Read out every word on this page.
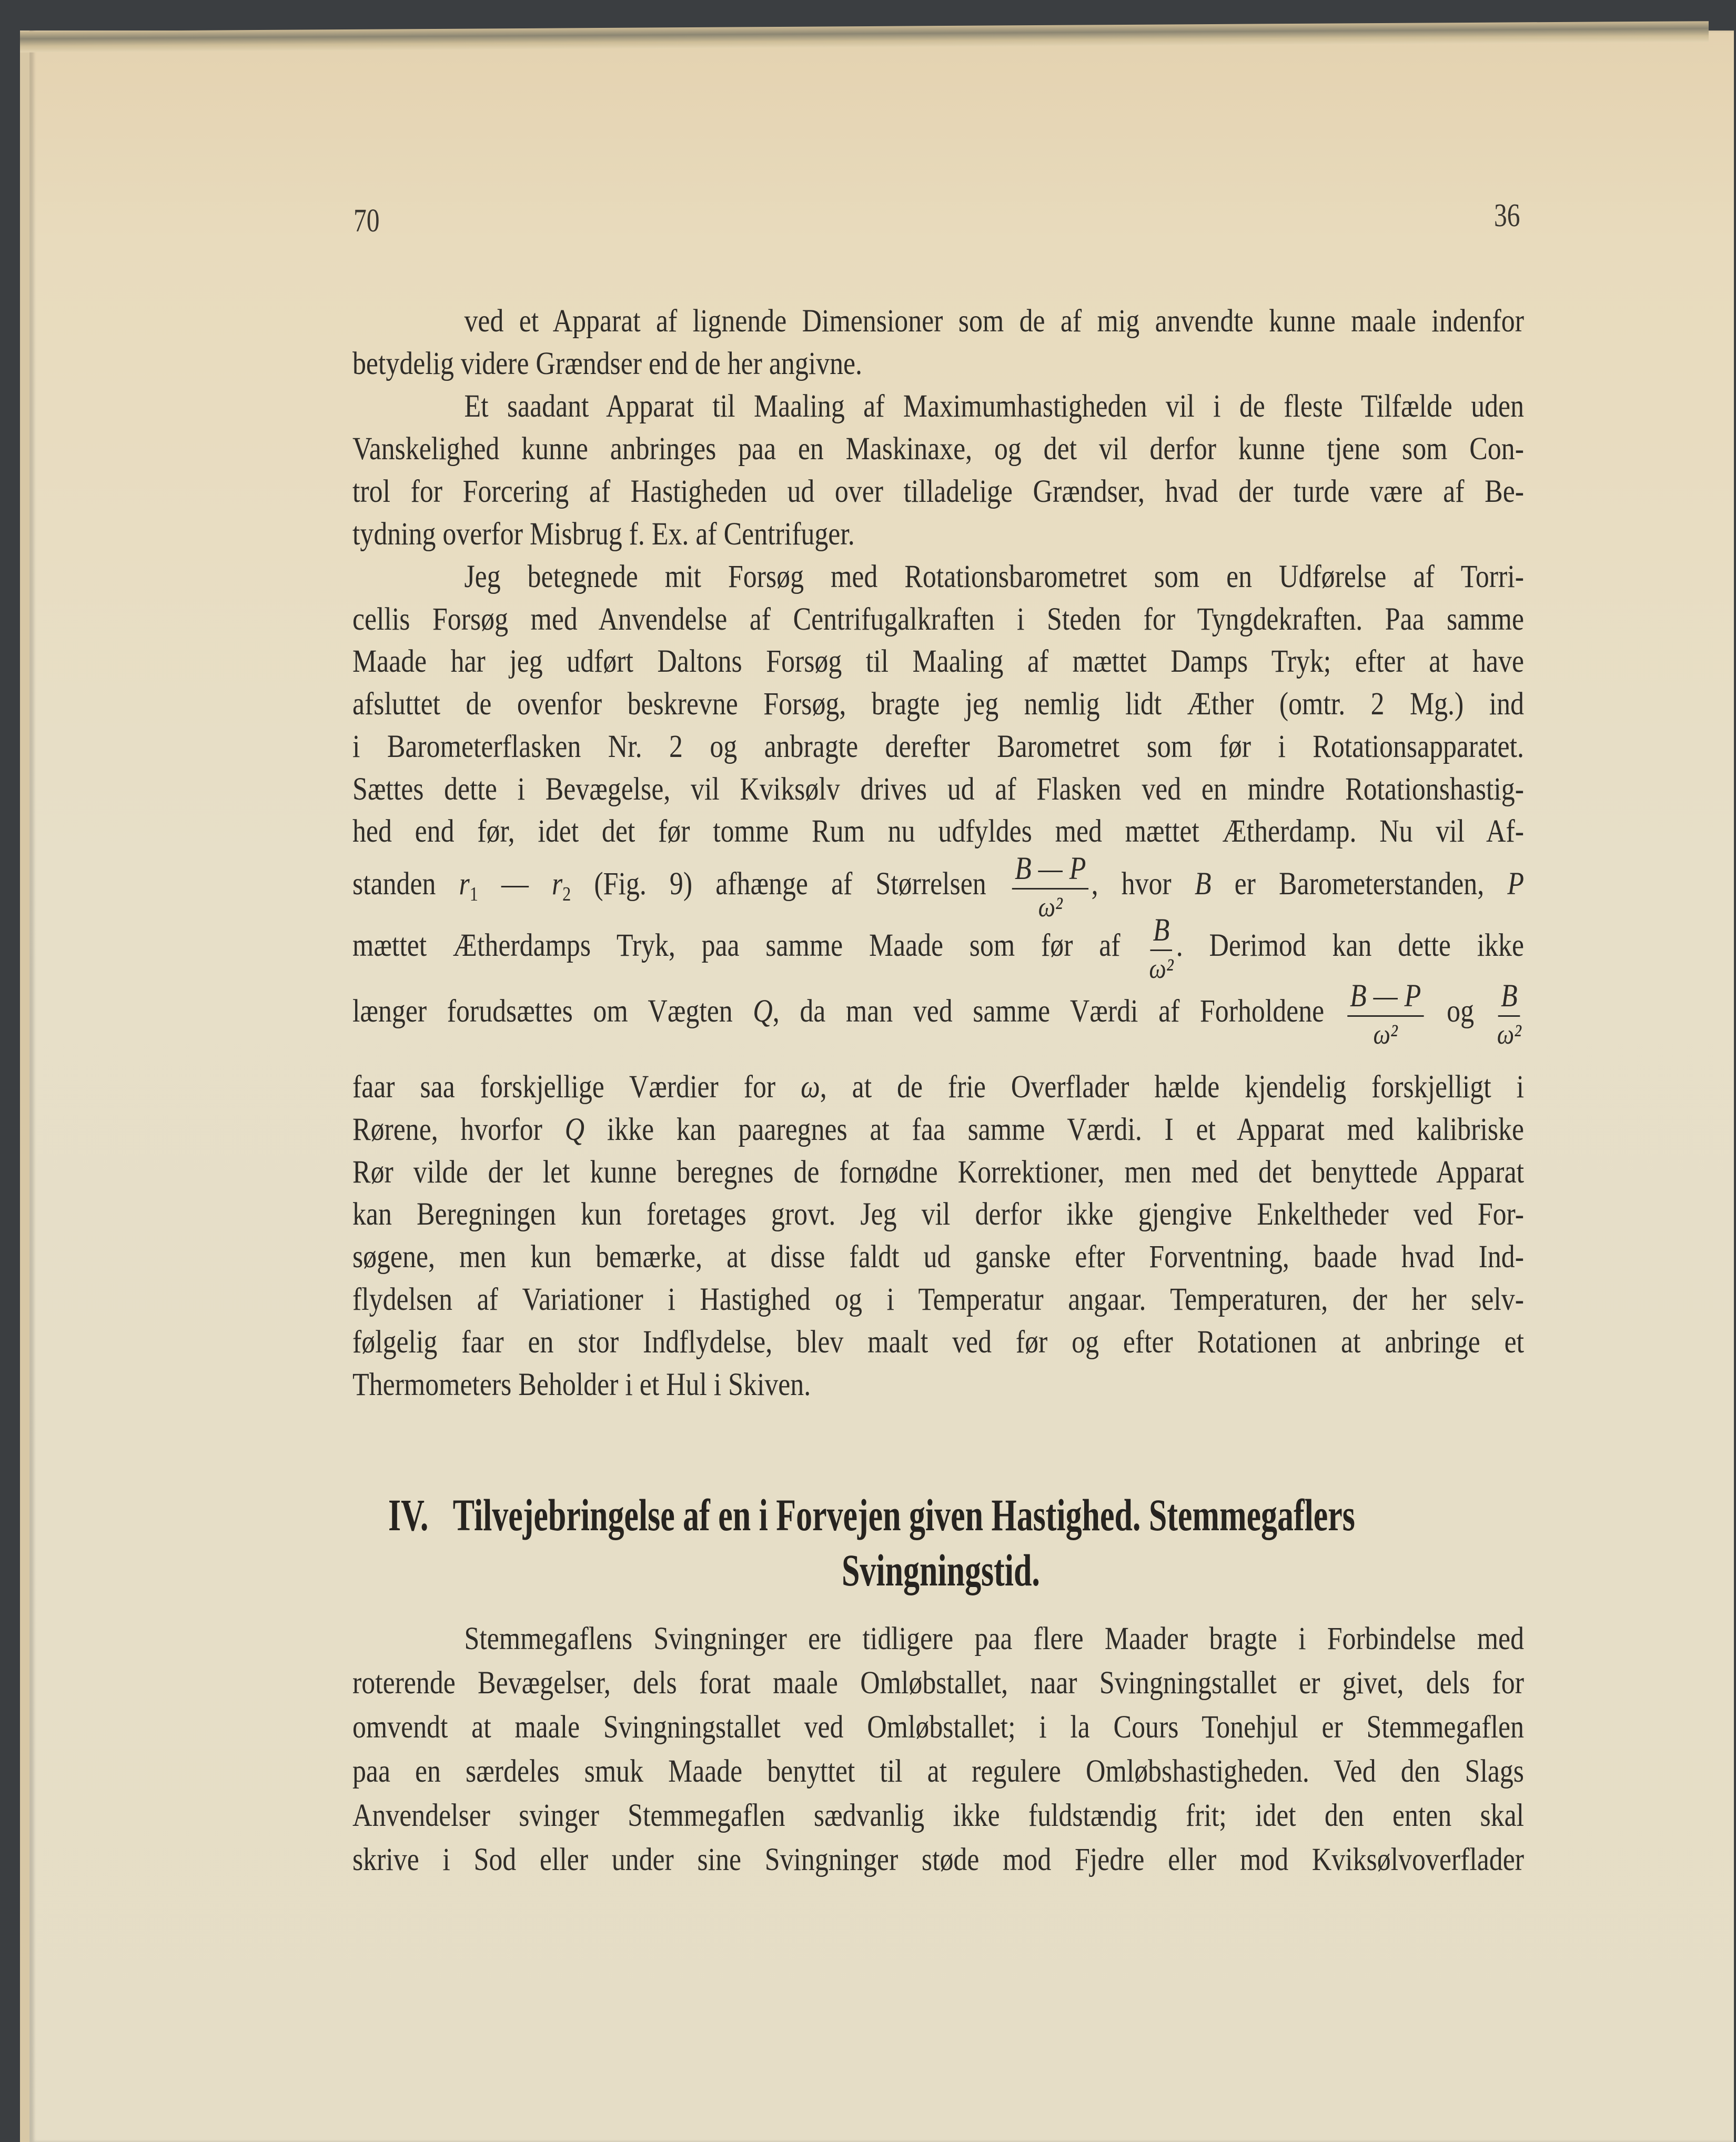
70	36
ved et Apparat af lignende Dimensioner som de af mig anvendte kunne maale indenfor
betydelig videre Grændser end de her angivne.
Et saadant Apparat til Maaling af Maximumhastigheden vil i de fleste Tilfælde uden
Vanskelighed kunne anbringes paa en Maskinaxe, og det vil derfor kunne tjene som Con-
trol for Forcering af Hastigheden ud over tilladelige Grændser, hvad der turde være af Be-
tydning overfor Misbrug f. Ex. af Centrifuger.
Jeg betegnede mit Forsøg med Rotationsbarometret som en Udførelse af Torri-
cellis Forsøg med Anvendelse af Centrifugalkraften i Steden for Tyngdekraften. Paa samme
Maade har jeg udført Daltons Forsøg til Maaling af mættet Damps Tryk; efter at have
afsluttet de ovenfor beskrevne Forsøg, bragte jeg nemlig lidt Æther (omtr. 2 Mg.) ind
i Barometerflasken Nr. 2 og anbragte derefter Barometret som før i Rotationsapparatet.
Sættes dette i Bevægelse, vil Kviksølv drives ud af Flasken ved en mindre Rotationshastig-
hed end før, idet det før tomme Rum nu udfyldes med mættet Ætherdamp. Nu vil Af-
standen $r_1$ — $r_2$ (Fig. 9) afhænge af Størrelsen $\frac{B — P}{\text{ω²}}$ , hvor B er Barometerstanden, P
mættet Ætherdamps Tryk, paa samme Maade som før af $\frac{B}{\text{ω²}}$ . Derimod kan dette ikke
længer forudsættes om Vægten Q, da man ved samme Værdi af Forholdene $\frac{B — P}{\text{ω²}}$ og $\frac{B}{\text{ω²}}$
faar saa forskjellige Værdier for ω, at de frie Overflader hælde kjendelig forskjelligt i
Rørene, hvorfor Q ikke kan paaregnes at faa samme Værdi. I et Apparat med kalibriske
Rør vilde der let kunne beregnes de fornødne Korrektioner, men med det benyttede Apparat
kan Beregningen kun foretages grovt. Jeg vil derfor ikke gjengive Enkeltheder ved For-
søgene, men kun bemærke, at disse faldt ud ganske efter Forventning, baade hvad Ind-
flydelsen af Variationer i Hastighed og i Temperatur angaar. Temperaturen, der her selv-
følgelig faar en stor Indflydelse, blev maalt ved før og efter Rotationen at anbringe et
Thermometers Beholder i et Hul i Skiven.
Stemmegaflens Svingninger ere tidligere paa flere Maader bragte i Forbindelse med
roterende Bevægelser, dels forat maale Omløbstallet, naar Svingningstallet er givet, dels for
omvendt at maale Svingningstallet ved Omløbstallet; i la Cours Tonehjul er Stemmegaflen
paa en særdeles smuk Maade benyttet til at regulere Omløbshastigheden. Ved den Slags
Anvendelser svinger Stemmegaflen sædvanlig ikke fuldstændig frit; idet den enten skal
skrive i Sod eller under sine Svingninger støde mod Fjedre eller mod Kviksølvoverflader
IV. Tilvejebringelse af en i Forvejen given Hastighed. Stemmegaflers
Svingningstid.
